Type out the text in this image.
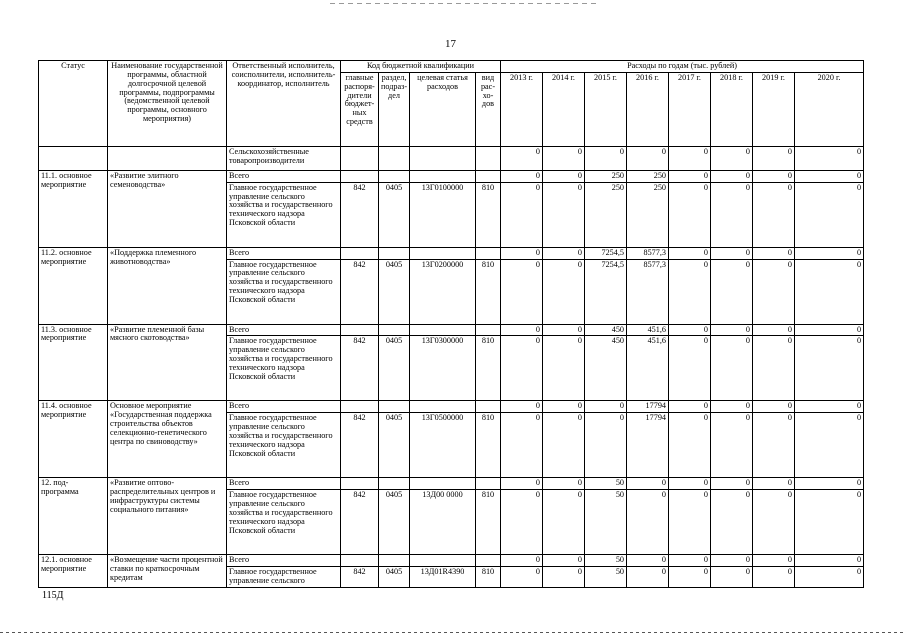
17
Статус	Наименование государственной программы, областной долгосрочной целевой программы, подпрограммы (ведомственной целевой программы, основного мероприятия)	Ответственный исполнитель, соисполнители, исполнитель-координатор, исполнитель	Код бюджетной квалификации				Расходы по годам (тыс. рублей)							
			главные распоря- дители бюджет- ных средств	раздел, подраз- дел	целевая статья расходов	вид рас- хо- дов	2013 г.	2014 г.	2015 г.	2016 г.	2017 г.	2018 г.	2019 г.	2020 г.
		Сельскохозяйственные товаропроизводители					0	0	0	0	0	0	0	0
11.1. основное мероприятие	«Развитие элитного семеноводства»	Всего					0	0	250	250	0	0	0	0
		Главное государственное управление сельского хозяйства и государственного технического надзора Псковской области	842	0405	13Г0100000	810	0	0	250	250	0	0	0	0
11.2. основное мероприятие	«Поддержка племенного животноводства»	Всего					0	0	7254,5	8577,3	0	0	0	0
		Главное государственное управление сельского хозяйства и государственного технического надзора Псковской области	842	0405	13Г0200000	810	0	0	7254,5	8577,3	0	0	0	0
11.3. основное мероприятие	«Развитие племенной базы мясного скотоводства»	Всего					0	0	450	451,6	0	0	0	0
		Главное государственное управление сельского хозяйства и государственного технического надзора Псковской области	842	0405	13Г0300000	810	0	0	450	451,6	0	0	0	0
11.4. основное мероприятие	Основное мероприятие «Государственная поддержка строительства объектов селекционно-генетического центра по свиноводству»	Всего					0	0	0	17794	0	0	0	0
		Главное государственное управление сельского хозяйства и государственного технического надзора Псковской области	842	0405	13Г0500000	810	0	0	0	17794	0	0	0	0
12. под- программа	«Развитие оптово-распределительных центров и инфраструктуры системы социального питания»	Всего					0	0	50	0	0	0	0	0
		Главное государственное управление сельского хозяйства и государственного технического надзора Псковской области	842	0405	13Д00 0000	810	0	0	50	0	0	0	0	0
12.1. основное мероприятие	«Возмещение части процентной ставки по краткосрочным кредитам	Всего					0	0	50	0	0	0	0	0
		Главное государственное управление сельского	842	0405	13Д01R4390	810	0	0	50	0	0	0	0	0
115Д
